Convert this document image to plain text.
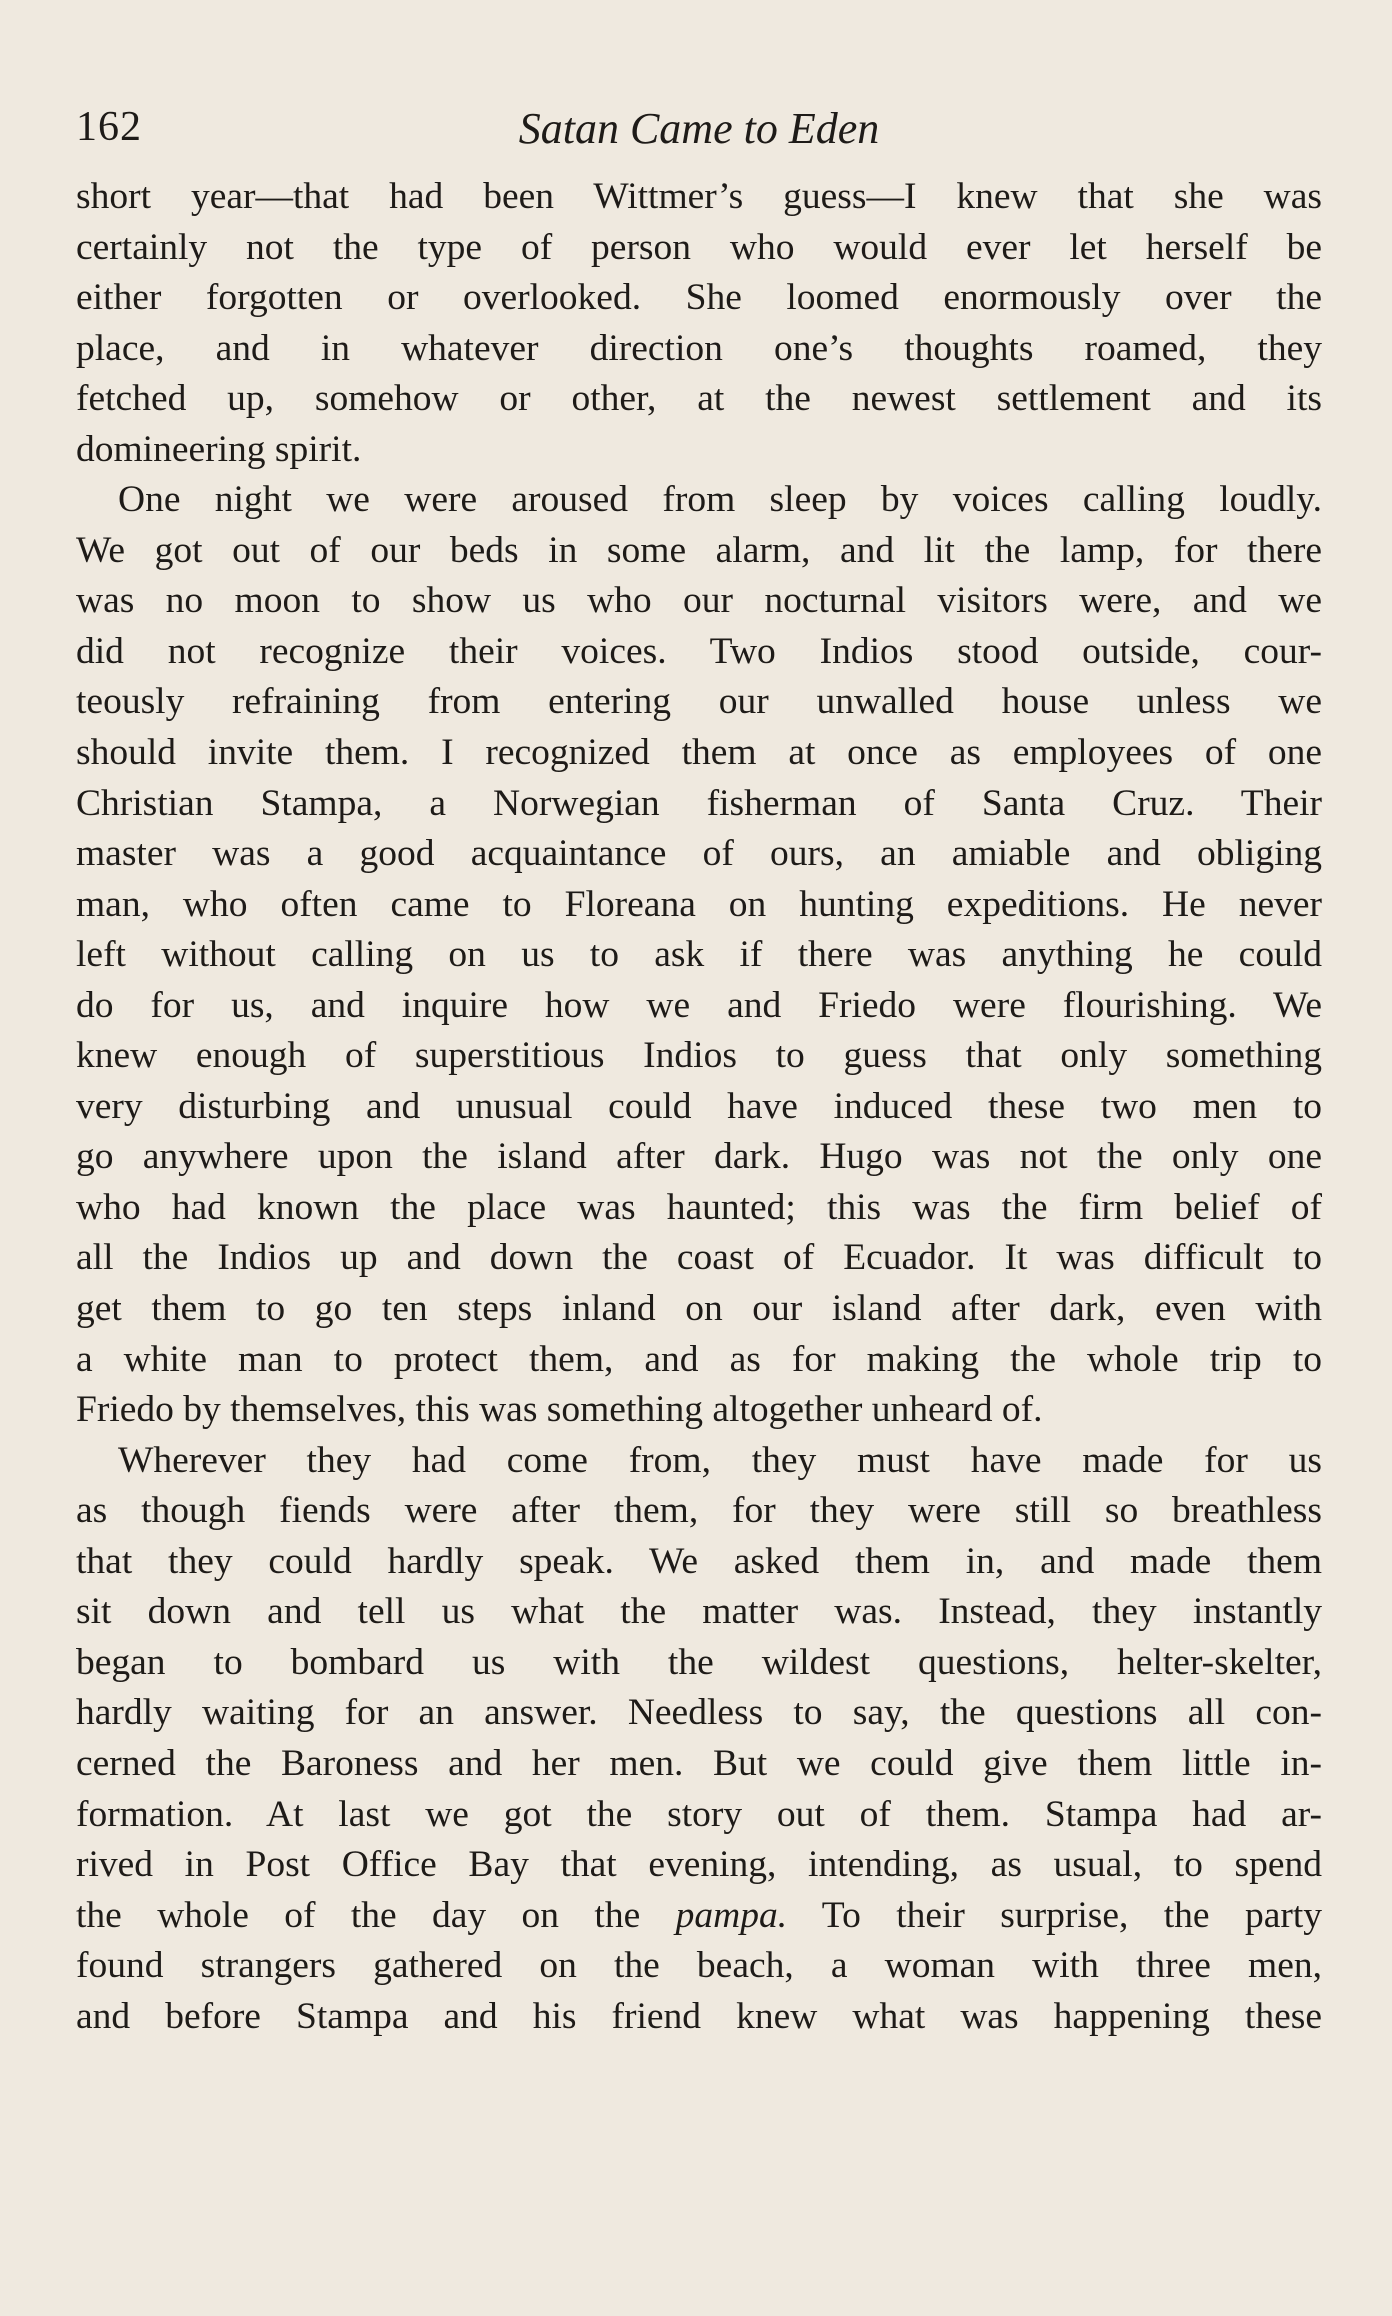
162	Satan Came to Eden
short year—that had been Wittmer’s guess—I knew that she was
certainly not the type of person who would ever let herself be
either forgotten or overlooked. She loomed enormously over the
place, and in whatever direction one’s thoughts roamed, they
fetched up, somehow or other, at the newest settlement and its
domineering spirit.
One night we were aroused from sleep by voices calling loudly.
We got out of our beds in some alarm, and lit the lamp, for there
was no moon to show us who our nocturnal visitors were, and we
did not recognize their voices. Two Indios stood outside, cour-
teously refraining from entering our unwalled house unless we
should invite them. I recognized them at once as employees of one
Christian Stampa, a Norwegian fisherman of Santa Cruz. Their
master was a good acquaintance of ours, an amiable and obliging
man, who often came to Floreana on hunting expeditions. He never
left without calling on us to ask if there was anything he could
do for us, and inquire how we and Friedo were flourishing. We
knew enough of superstitious Indios to guess that only something
very disturbing and unusual could have induced these two men to
go anywhere upon the island after dark. Hugo was not the only one
who had known the place was haunted; this was the firm belief of
all the Indios up and down the coast of Ecuador. It was difficult to
get them to go ten steps inland on our island after dark, even with
a white man to protect them, and as for making the whole trip to
Friedo by themselves, this was something altogether unheard of.
Wherever they had come from, they must have made for us
as though fiends were after them, for they were still so breathless
that they could hardly speak. We asked them in, and made them
sit down and tell us what the matter was. Instead, they instantly
began to bombard us with the wildest questions, helter-skelter,
hardly waiting for an answer. Needless to say, the questions all con-
cerned the Baroness and her men. But we could give them little in-
formation. At last we got the story out of them. Stampa had ar-
rived in Post Office Bay that evening, intending, as usual, to spend
the whole of the day on the pampa. To their surprise, the party
found strangers gathered on the beach, a woman with three men,
and before Stampa and his friend knew what was happening these
